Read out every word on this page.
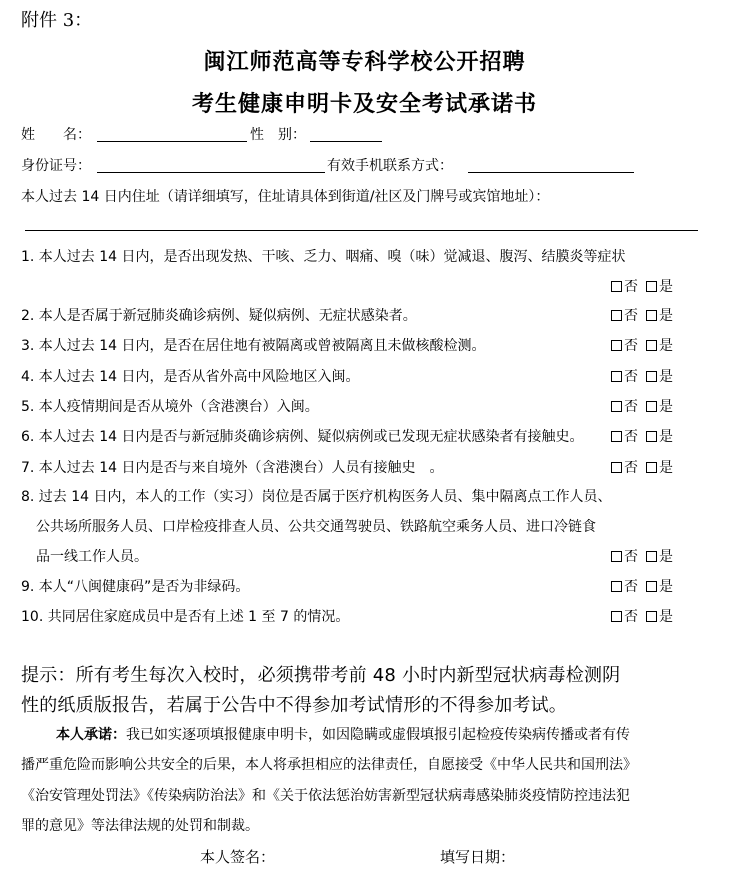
附件 3：
闽江师范高等专科学校公开招聘
考生健康申明卡及安全考试承诺书
姓　　名：	性　别：
身份证号：	有效手机联系方式：
本人过去 14 日内住址（请详细填写，住址请具体到街道/社区及门牌号或宾馆地址）：
1. 本人过去 14 日内，是否出现发热、干咳、乏力、咽痛、嗅（味）觉减退、腹泻、结膜炎等症状
否 是
2. 本人是否属于新冠肺炎确诊病例、疑似病例、无症状感染者。	否 是
3. 本人过去 14 日内，是否在居住地有被隔离或曾被隔离且未做核酸检测。	否 是
4. 本人过去 14 日内，是否从省外高中风险地区入闽。	否 是
5. 本人疫情期间是否从境外（含港澳台）入闽。	否 是
6. 本人过去 14 日内是否与新冠肺炎确诊病例、疑似病例或已发现无症状感染者有接触史。	否 是
7. 本人过去 14 日内是否与来自境外（含港澳台）人员有接触史　。	否 是
8. 过去 14 日内，本人的工作（实习）岗位是否属于医疗机构医务人员、集中隔离点工作人员、
公共场所服务人员、口岸检疫排查人员、公共交通驾驶员、铁路航空乘务人员、进口冷链食
品一线工作人员。	否 是
9. 本人“八闽健康码”是否为非绿码。	否 是
10. 共同居住家庭成员中是否有上述 1 至 7 的情况。	否 是
提示：所有考生每次入校时，必须携带考前 48 小时内新型冠状病毒检测阴
性的纸质版报告，若属于公告中不得参加考试情形的不得参加考试。
本人承诺：我已如实逐项填报健康申明卡，如因隐瞒或虚假填报引起检疫传染病传播或者有传
播严重危险而影响公共安全的后果，本人将承担相应的法律责任，自愿接受《中华人民共和国刑法》
《治安管理处罚法》《传染病防治法》和《关于依法惩治妨害新型冠状病毒感染肺炎疫情防控违法犯
罪的意见》等法律法规的处罚和制裁。
本人签名：	填写日期：
